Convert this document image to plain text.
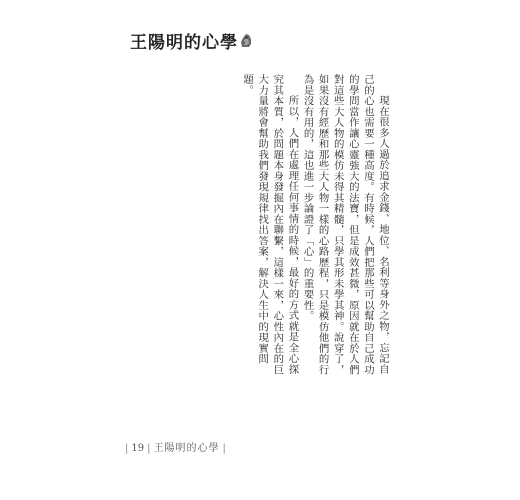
王陽明的心學

現在很多人過於追求金錢、地位、名利等身外之物，忘記自己的心也需要一種高度。有時候，人們把那些可以幫助自己成功的學問當作讓心靈強大的法寶，但是成效甚微，原因就在於人們對這些大人物的模仿未得其精髓，只學其形未學其神。說穿了，如果沒有經歷和那些大人物一樣的心路歷程，只是模仿他們的行為是沒有用的，這也進一步論證了「心」的重要性。

所以，人們在處理任何事情的時候，最好的方式就是全心探究其本質，於問題本身發掘內在聯繫，這樣一來，心性內在的巨大力量將會幫助我們發現規律找出答案，解決人生中的現實問題。

| 19 | 王陽明的心學 |
